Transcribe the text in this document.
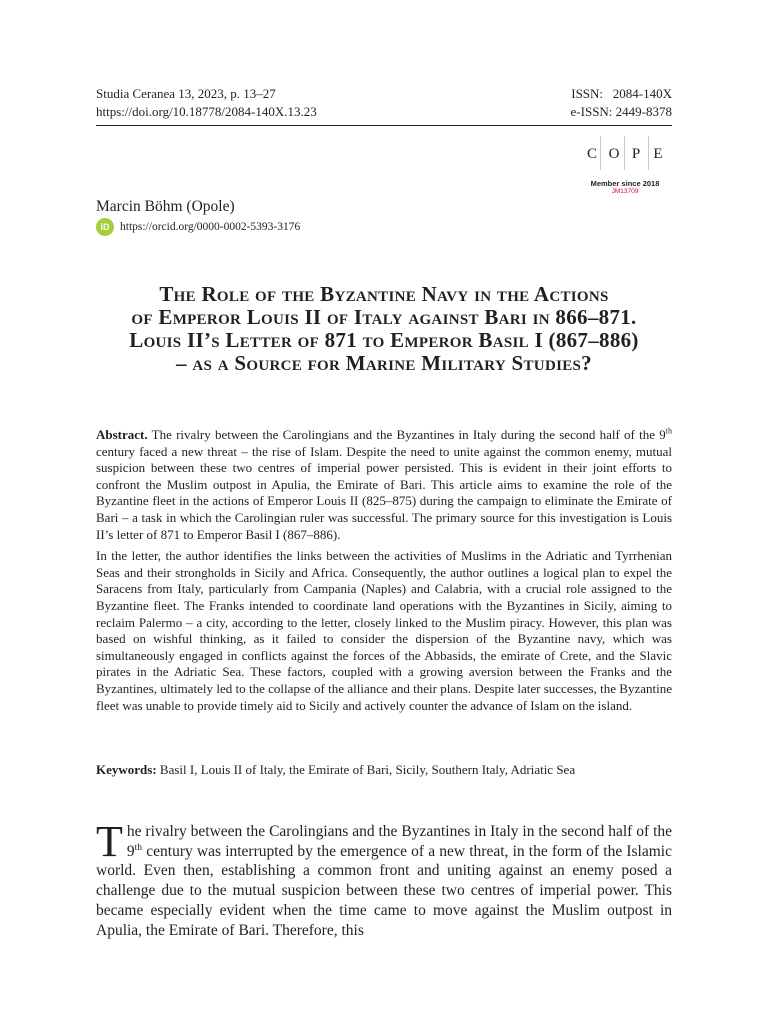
Studia Ceranea 13, 2023, p. 13–27
https://doi.org/10.18778/2084-140X.13.23
ISSN:   2084-140X
e-ISSN: 2449-8378
C O P E
Member since 2018
JM13709
Marcin Böhm (Opole)
iD https://orcid.org/0000-0002-5393-3176
The Role of the Byzantine Navy in the Actions
of Emperor Louis II of Italy against Bari in 866–871.
Louis II’s Letter of 871 to Emperor Basil I (867–886)
– as a Source for Marine Military Studies?

Abstract. The rivalry between the Carolingians and the Byzantines in Italy during the second half of the 9th century faced a new threat – the rise of Islam. Despite the need to unite against the common enemy, mutual suspicion between these two centres of imperial power persisted. This is evident in their joint efforts to confront the Muslim outpost in Apulia, the Emirate of Bari. This article aims to examine the role of the Byzantine fleet in the actions of Emperor Louis II (825–875) during the campaign to eliminate the Emirate of Bari – a task in which the Carolingian ruler was successful. The primary source for this investigation is Louis II’s letter of 871 to Emperor Basil I (867–886).

In the letter, the author identifies the links between the activities of Muslims in the Adriatic and Tyrrhenian Seas and their strongholds in Sicily and Africa. Consequently, the author outlines a logical plan to expel the Saracens from Italy, particularly from Campania (Naples) and Calabria, with a crucial role assigned to the Byzantine fleet. The Franks intended to coordinate land operations with the Byzantines in Sicily, aiming to reclaim Palermo – a city, according to the letter, closely linked to the Muslim piracy. However, this plan was based on wishful thinking, as it failed to consider the dispersion of the Byzantine navy, which was simultaneously engaged in conflicts against the forces of the Abbasids, the emirate of Crete, and the Slavic pirates in the Adriatic Sea. These factors, coupled with a growing aversion between the Franks and the Byzantines, ultimately led to the collapse of the alliance and their plans. Despite later successes, the Byzantine fleet was unable to provide timely aid to Sicily and actively counter the advance of Islam on the island.

Keywords: Basil I, Louis II of Italy, the Emirate of Bari, Sicily, Southern Italy, Adriatic Sea

The rivalry between the Carolingians and the Byzantines in Italy in the second half of the 9th century was interrupted by the emergence of a new threat, in the form of the Islamic world. Even then, establishing a common front and uniting against an enemy posed a challenge due to the mutual suspicion between these two centres of imperial power. This became especially evident when the time came to move against the Muslim outpost in Apulia, the Emirate of Bari. Therefore, this
